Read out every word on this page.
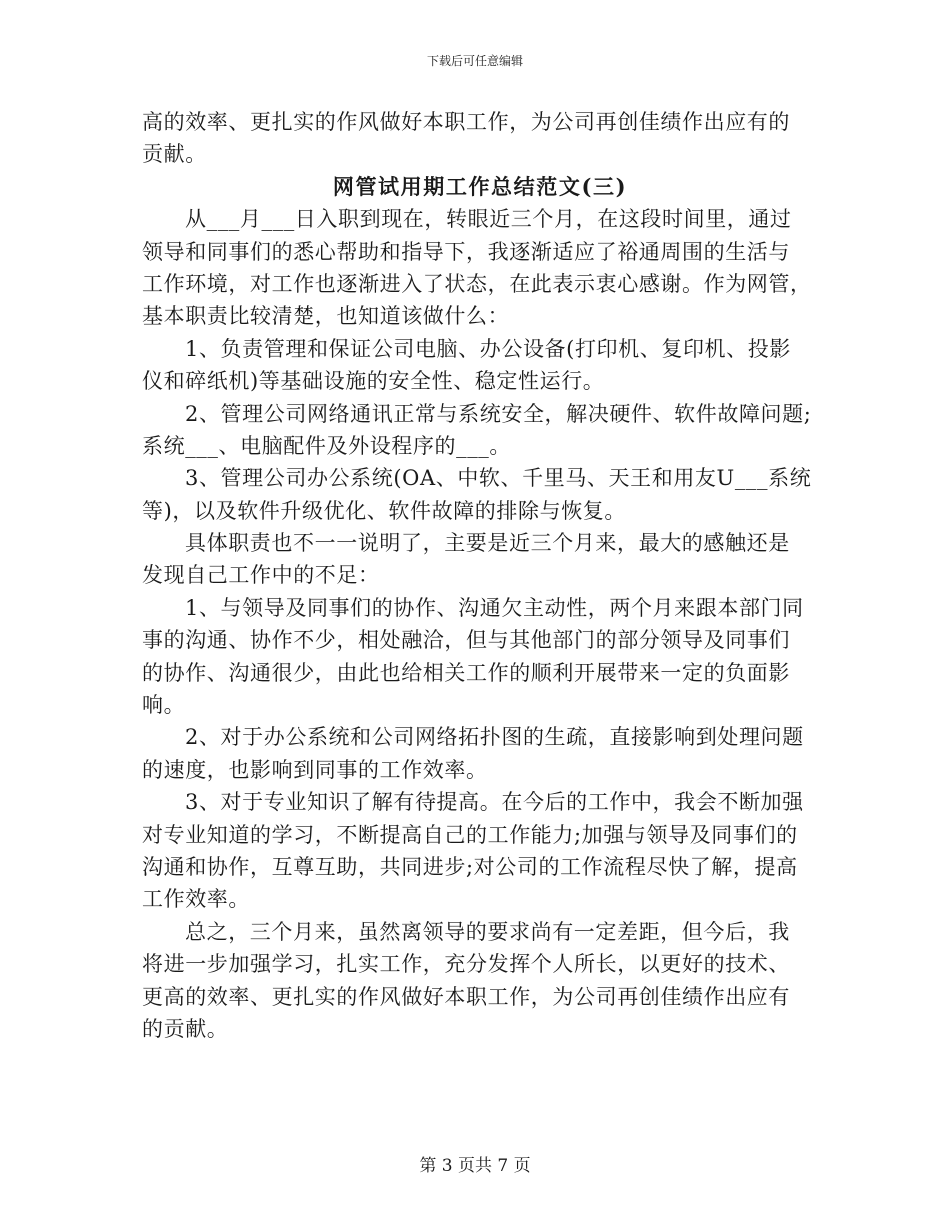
下载后可任意编辑
高的效率、更扎实的作风做好本职工作，为公司再创佳绩作出应有的
贡献。
网管试用期工作总结范文(三)
从___月___日入职到现在，转眼近三个月，在这段时间里，通过
领导和同事们的悉心帮助和指导下，我逐渐适应了裕通周围的生活与
工作环境，对工作也逐渐进入了状态，在此表示衷心感谢。作为网管，
基本职责比较清楚，也知道该做什么：
1、负责管理和保证公司电脑、办公设备(打印机、复印机、投影
仪和碎纸机)等基础设施的安全性、稳定性运行。
2、管理公司网络通讯正常与系统安全，解决硬件、软件故障问题;
系统___、电脑配件及外设程序的___。
3、管理公司办公系统(OA、中软、千里马、天王和用友U___系统
等)，以及软件升级优化、软件故障的排除与恢复。
具体职责也不一一说明了，主要是近三个月来，最大的感触还是
发现自己工作中的不足：
1、与领导及同事们的协作、沟通欠主动性，两个月来跟本部门同
事的沟通、协作不少，相处融洽，但与其他部门的部分领导及同事们
的协作、沟通很少，由此也给相关工作的顺利开展带来一定的负面影
响。
2、对于办公系统和公司网络拓扑图的生疏，直接影响到处理问题
的速度，也影响到同事的工作效率。
3、对于专业知识了解有待提高。在今后的工作中，我会不断加强
对专业知道的学习，不断提高自己的工作能力;加强与领导及同事们的
沟通和协作，互尊互助，共同进步;对公司的工作流程尽快了解，提高
工作效率。
总之，三个月来，虽然离领导的要求尚有一定差距，但今后，我
将进一步加强学习，扎实工作，充分发挥个人所长，以更好的技术、
更高的效率、更扎实的作风做好本职工作，为公司再创佳绩作出应有
的贡献。
第 3 页共 7 页
